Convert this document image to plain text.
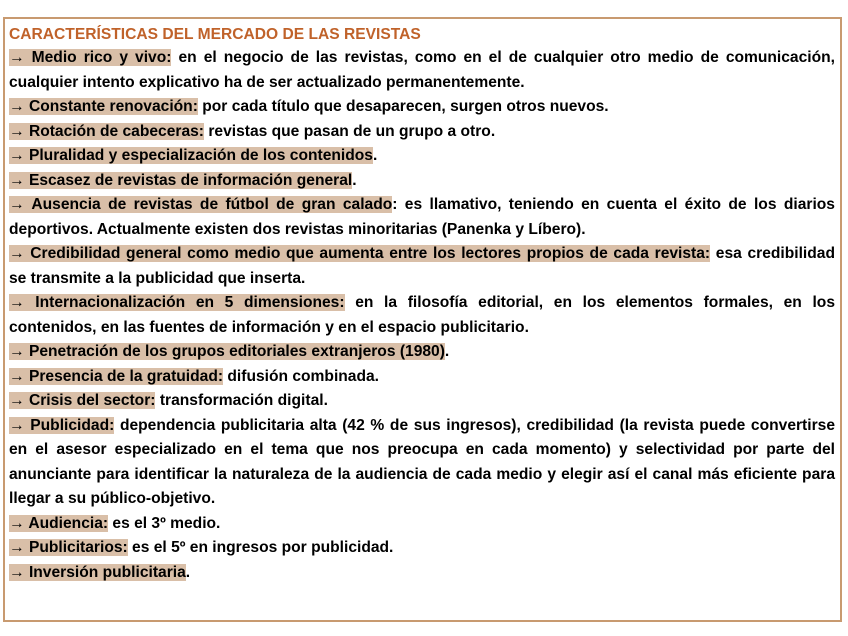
CARACTERÍSTICAS DEL MERCADO DE LAS REVISTAS

→ Medio rico y vivo: en el negocio de las revistas, como en el de cualquier otro medio de comunicación, cualquier intento explicativo ha de ser actualizado permanentemente.

→ Constante renovación: por cada título que desaparecen, surgen otros nuevos.

→ Rotación de cabeceras: revistas que pasan de un grupo a otro.

→ Pluralidad y especialización de los contenidos.

→ Escasez de revistas de información general.

→ Ausencia de revistas de fútbol de gran calado: es llamativo, teniendo en cuenta el éxito de los diarios deportivos. Actualmente existen dos revistas minoritarias (Panenka y Líbero).

→ Credibilidad general como medio que aumenta entre los lectores propios de cada revista: esa credibilidad se transmite a la publicidad que inserta.

→ Internacionalización en 5 dimensiones: en la filosofía editorial, en los elementos formales, en los contenidos, en las fuentes de información y en el espacio publicitario.

→ Penetración de los grupos editoriales extranjeros (1980).

→ Presencia de la gratuidad: difusión combinada.

→ Crisis del sector: transformación digital.

→ Publicidad: dependencia publicitaria alta (42 % de sus ingresos), credibilidad (la revista puede convertirse en el asesor especializado en el tema que nos preocupa en cada momento) y selectividad por parte del anunciante para identificar la naturaleza de la audiencia de cada medio y elegir así el canal más eficiente para llegar a su público-objetivo.

→ Audiencia: es el 3º medio.

→ Publicitarios: es el 5º en ingresos por publicidad.

→ Inversión publicitaria.
